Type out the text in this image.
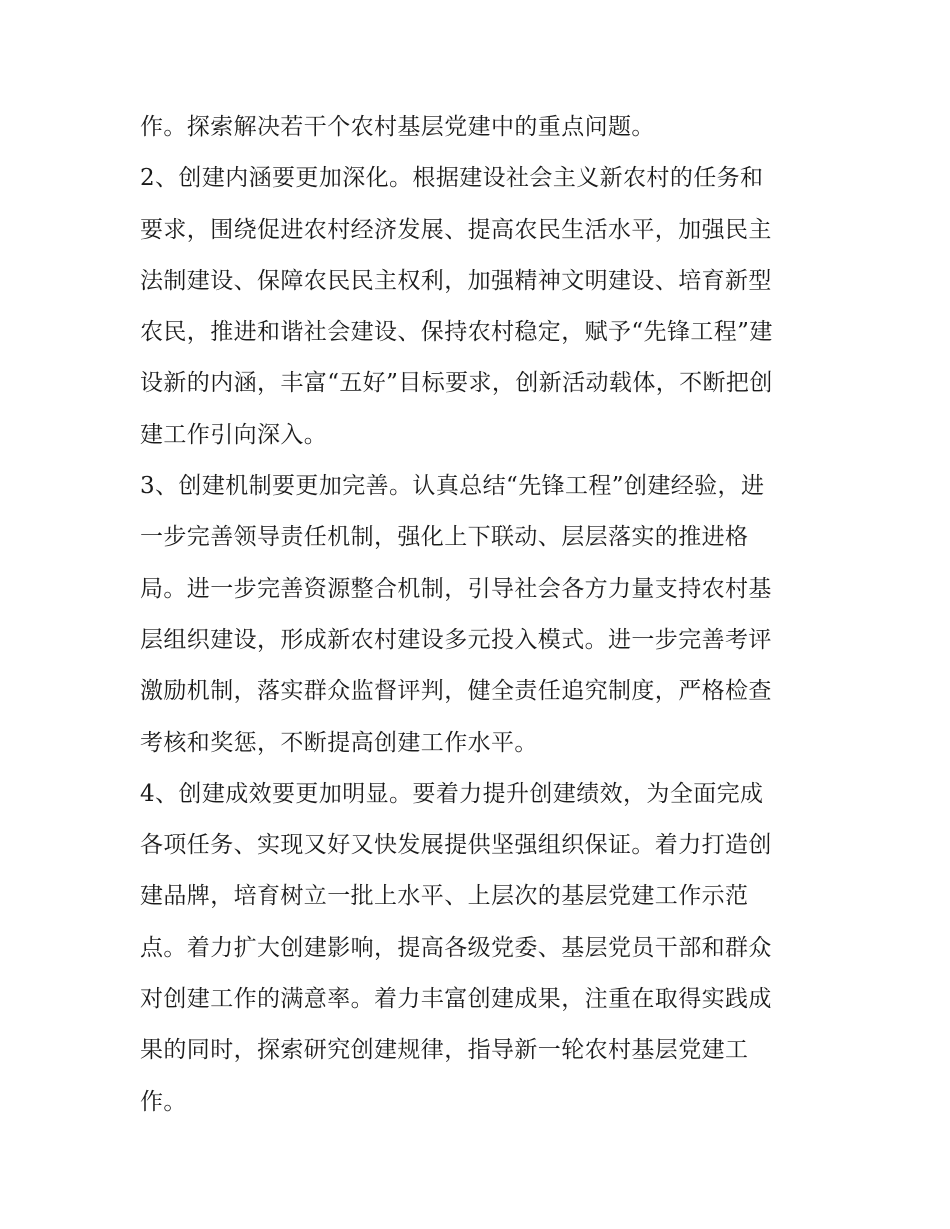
作。探索解决若干个农村基层党建中的重点问题。
2、创建内涵要更加深化。根据建设社会主义新农村的任务和
要求，围绕促进农村经济发展、提高农民生活水平，加强民主
法制建设、保障农民民主权利，加强精神文明建设、培育新型
农民，推进和谐社会建设、保持农村稳定，赋予“先锋工程”建
设新的内涵，丰富“五好”目标要求，创新活动载体，不断把创
建工作引向深入。
3、创建机制要更加完善。认真总结“先锋工程”创建经验，进
一步完善领导责任机制，强化上下联动、层层落实的推进格
局。进一步完善资源整合机制，引导社会各方力量支持农村基
层组织建设，形成新农村建设多元投入模式。进一步完善考评
激励机制，落实群众监督评判，健全责任追究制度，严格检查
考核和奖惩，不断提高创建工作水平。
4、创建成效要更加明显。要着力提升创建绩效，为全面完成
各项任务、实现又好又快发展提供坚强组织保证。着力打造创
建品牌，培育树立一批上水平、上层次的基层党建工作示范
点。着力扩大创建影响，提高各级党委、基层党员干部和群众
对创建工作的满意率。着力丰富创建成果，注重在取得实践成
果的同时，探索研究创建规律，指导新一轮农村基层党建工
作。
